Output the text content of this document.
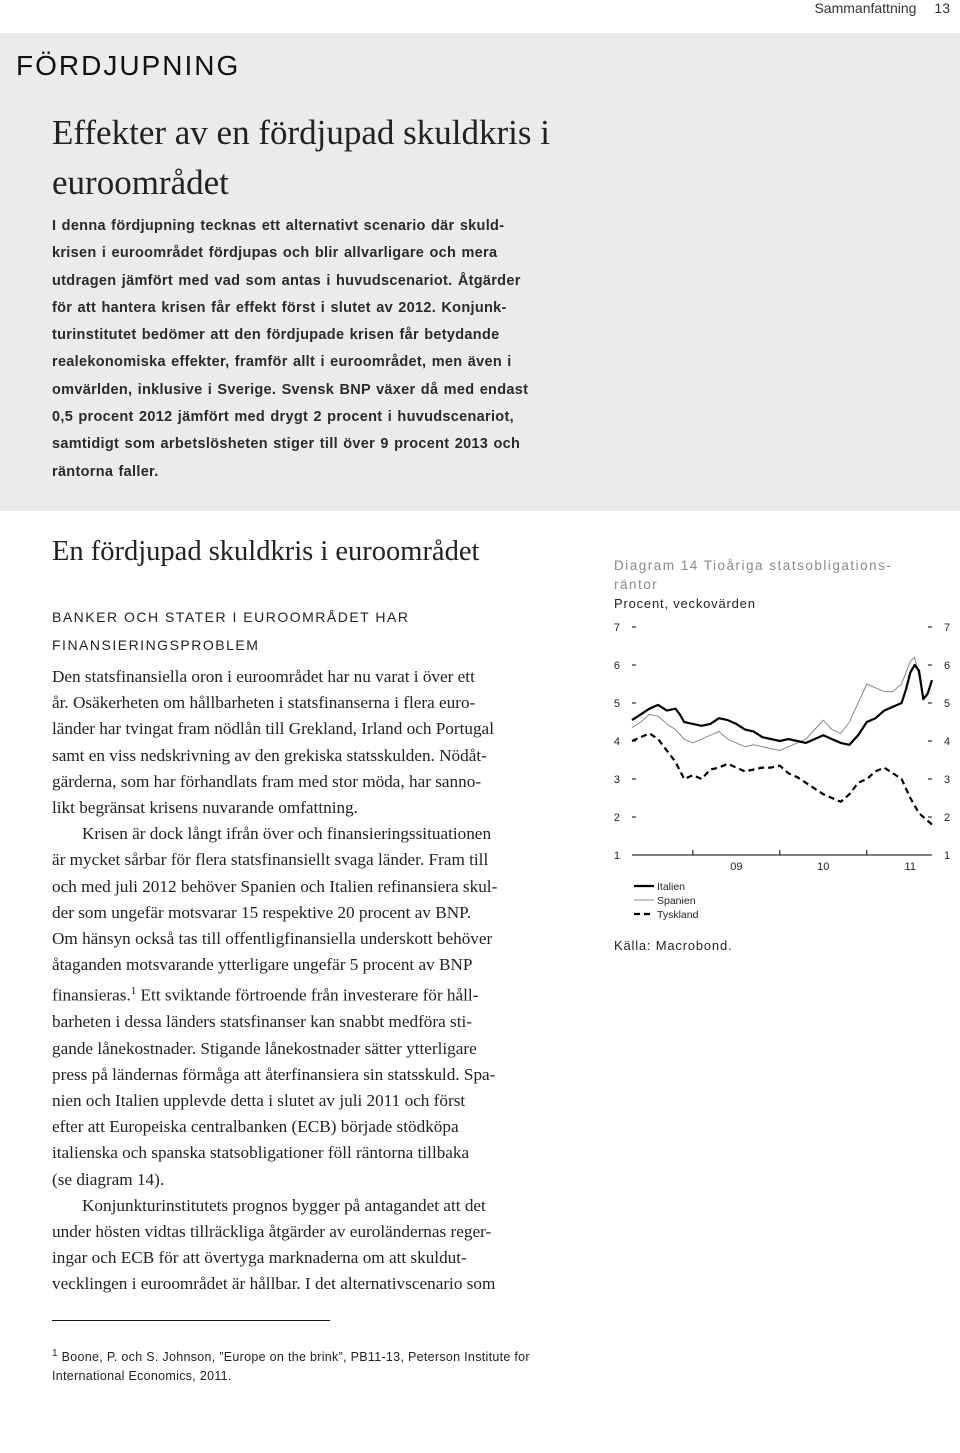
Sammanfattning 13
FÖRDJUPNING
Effekter av en fördjupad skuldkris i euroområdet
I denna fördjupning tecknas ett alternativt scenario där skuld-
krisen i euroområdet fördjupas och blir allvarligare och mera
utdragen jämfört med vad som antas i huvudscenariot. Åtgärder
för att hantera krisen får effekt först i slutet av 2012. Konjunk-
turinstitutet bedömer att den fördjupade krisen får betydande
realekonomiska effekter, framför allt i euroområdet, men även i
omvärlden, inklusive i Sverige. Svensk BNP växer då med endast
0,5 procent 2012 jämfört med drygt 2 procent i huvudscenariot,
samtidigt som arbetslösheten stiger till över 9 procent 2013 och
räntorna faller.
En fördjupad skuldkris i euroområdet
BANKER OCH STATER I EUROOMRÅDET HAR
FINANSIERINGSPROBLEM
Den statsfinansiella oron i euroområdet har nu varat i över ett
år. Osäkerheten om hållbarheten i statsfinanserna i flera euro-
länder har tvingat fram nödlån till Grekland, Irland och Portugal
samt en viss nedskrivning av den grekiska statsskulden. Nödåt-
gärderna, som har förhandlats fram med stor möda, har sanno-
likt begränsat krisens nuvarande omfattning.
Krisen är dock långt ifrån över och finansieringssituationen
är mycket sårbar för flera statsfinansiellt svaga länder. Fram till
och med juli 2012 behöver Spanien och Italien refinansiera skul-
der som ungefär motsvarar 15 respektive 20 procent av BNP.
Om hänsyn också tas till offentligfinansiella underskott behöver
åtaganden motsvarande ytterligare ungefär 5 procent av BNP
finansieras.$^1$ Ett sviktande förtroende från investerare för håll-
barheten i dessa länders statsfinanser kan snabbt medföra sti-
gande lånekostnader. Stigande lånekostnader sätter ytterligare
press på ländernas förmåga att återfinansiera sin statsskuld. Spa-
nien och Italien upplevde detta i slutet av juli 2011 och först
efter att Europeiska centralbanken (ECB) började stödköpa
italienska och spanska statsobligationer föll räntorna tillbaka
(se diagram 14).
Konjunkturinstitutets prognos bygger på antagandet att det
under hösten vidtas tillräckliga åtgärder av euroländernas reger-
ingar och ECB för att övertyga marknaderna om att skuldut-
vecklingen i euroområdet är hållbar. I det alternativscenario som
$^1$ Boone, P. och S. Johnson, ”Europe on the brink”, PB11-13, Peterson Institute for
International Economics, 2011.
Diagram 14 Tioåriga statsobligations-
räntor
Procent, veckovärden
7
6
5
4
3
2
1
7
6
5
4
3
2
1
09	10	11
Italien
Spanien
Tyskland
Källa: Macrobond.
